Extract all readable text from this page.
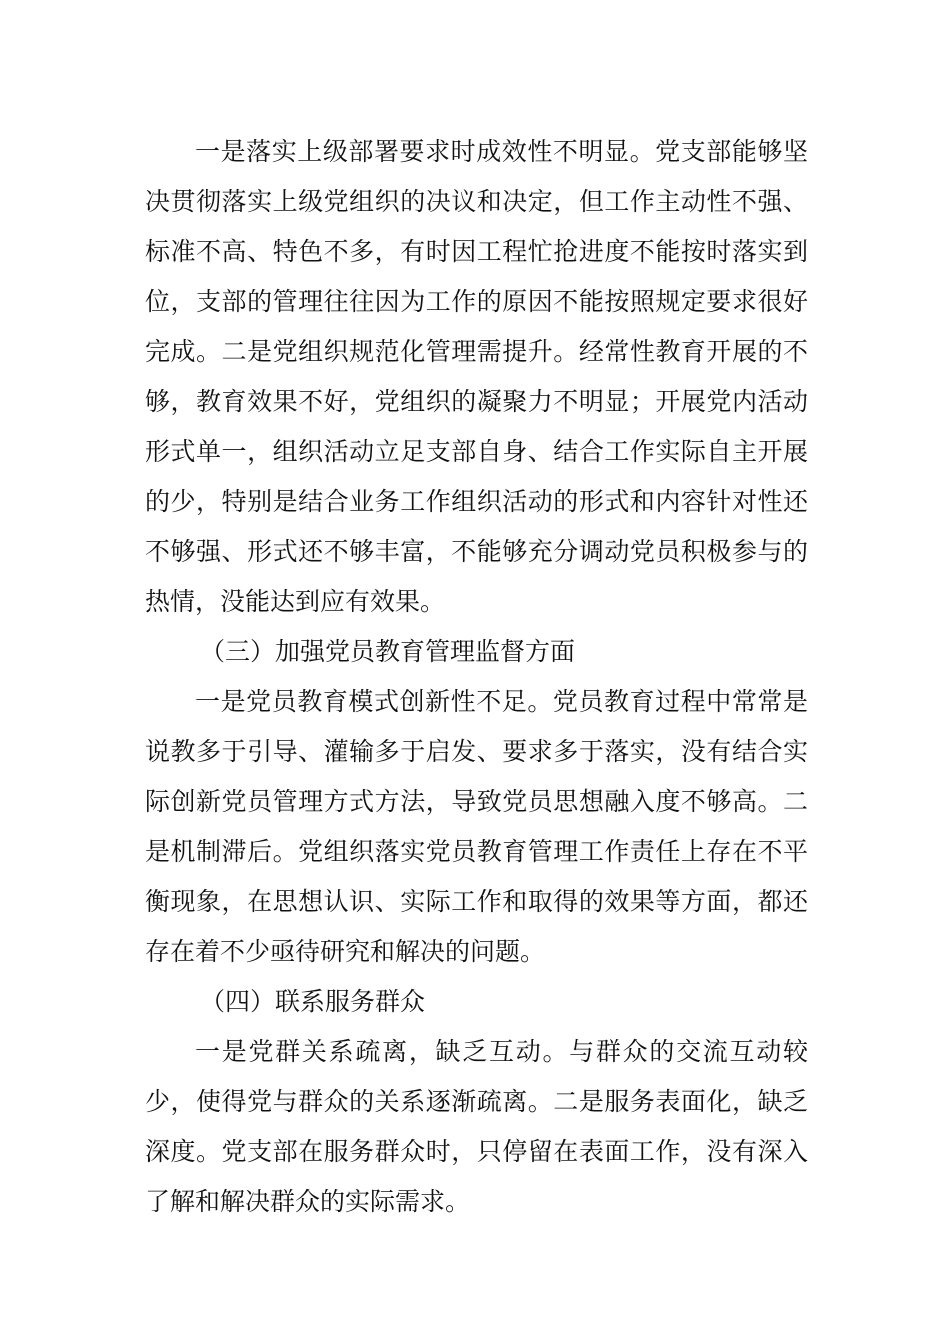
一是落实上级部署要求时成效性不明显。党支部能够坚决贯彻落实上级党组织的决议和决定，但工作主动性不强、标准不高、特色不多，有时因工程忙抢进度不能按时落实到位，支部的管理往往因为工作的原因不能按照规定要求很好完成。二是党组织规范化管理需提升。经常性教育开展的不够，教育效果不好，党组织的凝聚力不明显；开展党内活动形式单一，组织活动立足支部自身、结合工作实际自主开展的少，特别是结合业务工作组织活动的形式和内容针对性还不够强、形式还不够丰富，不能够充分调动党员积极参与的热情，没能达到应有效果。

（三）加强党员教育管理监督方面

一是党员教育模式创新性不足。党员教育过程中常常是说教多于引导、灌输多于启发、要求多于落实，没有结合实际创新党员管理方式方法，导致党员思想融入度不够高。二是机制滞后。党组织落实党员教育管理工作责任上存在不平衡现象，在思想认识、实际工作和取得的效果等方面，都还存在着不少亟待研究和解决的问题。

（四）联系服务群众

一是党群关系疏离，缺乏互动。与群众的交流互动较少，使得党与群众的关系逐渐疏离。二是服务表面化，缺乏深度。党支部在服务群众时，只停留在表面工作，没有深入了解和解决群众的实际需求。
